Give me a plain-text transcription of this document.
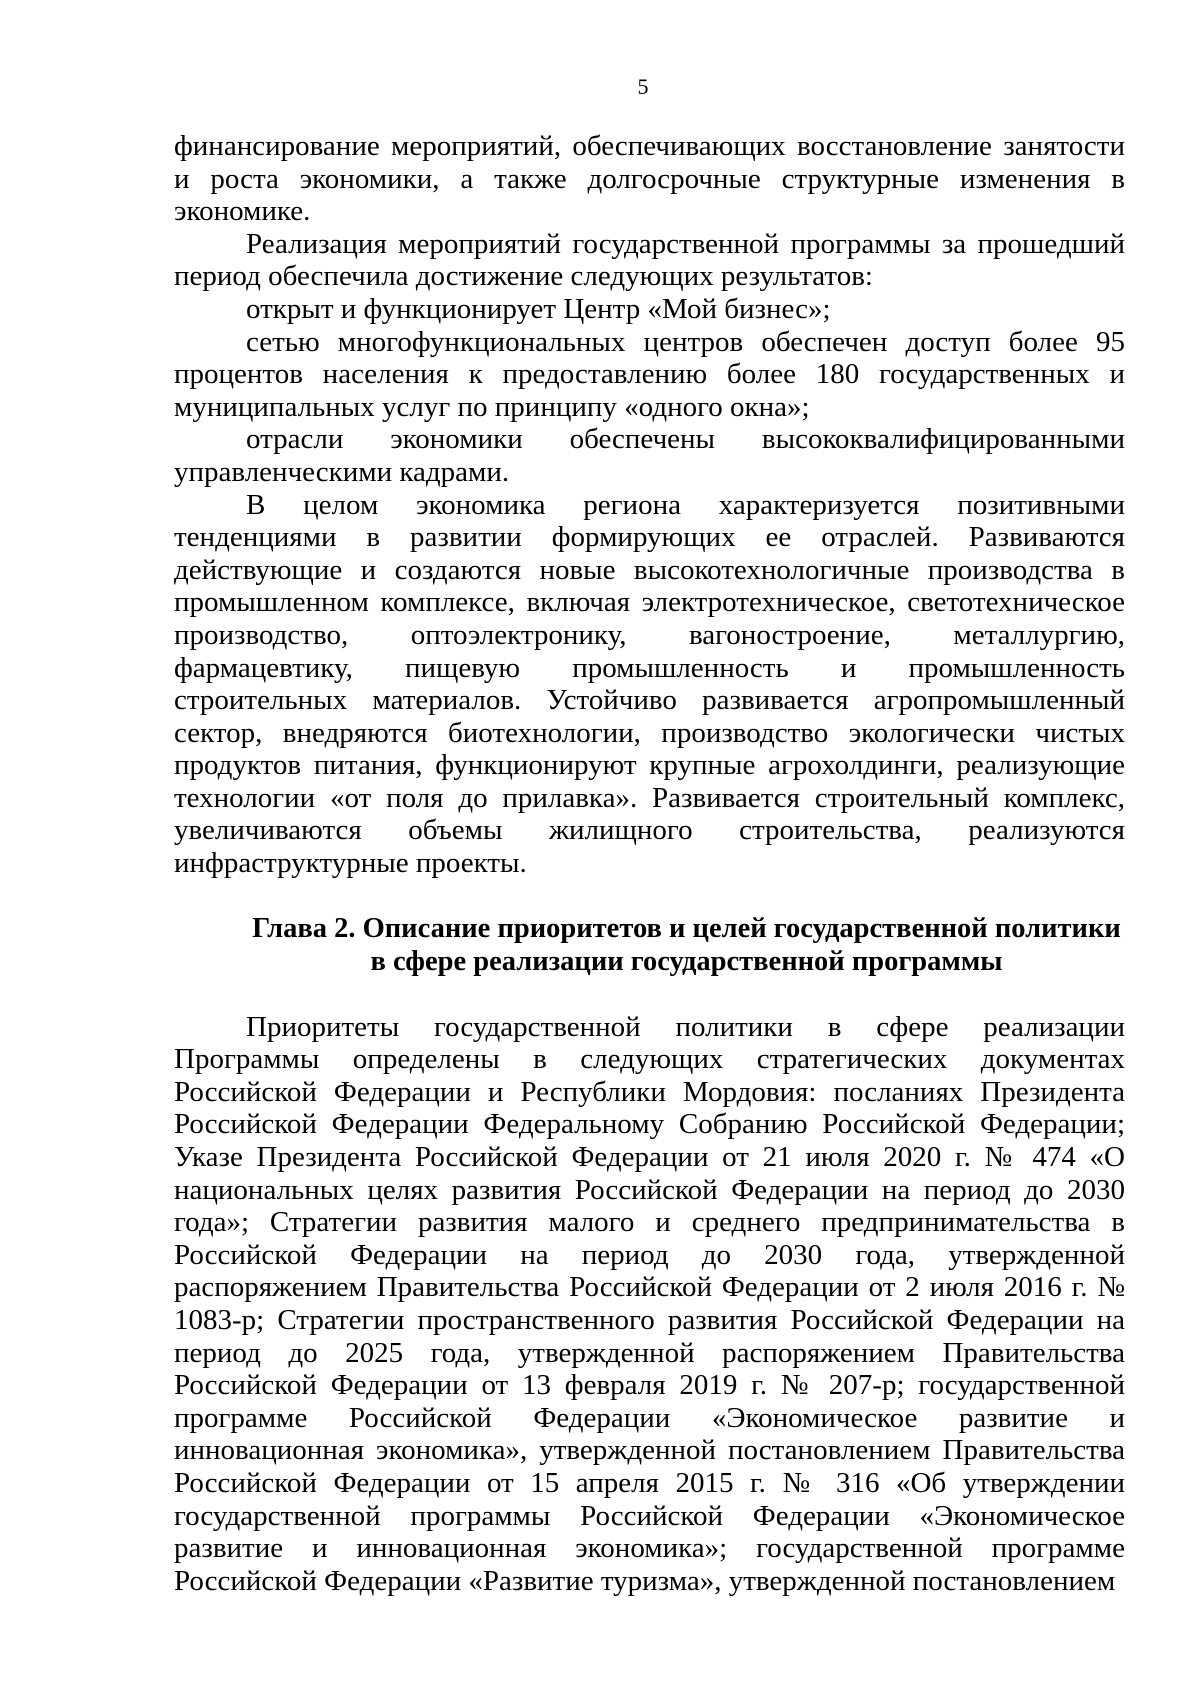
5

финансирование мероприятий, обеспечивающих восстановление занятости и роста экономики, а также долгосрочные структурные изменения в экономике.

Реализация мероприятий государственной программы за прошедший период обеспечила достижение следующих результатов:

открыт и функционирует Центр «Мой бизнес»;

сетью многофункциональных центров обеспечен доступ более 95 процентов населения к предоставлению более 180 государственных и муниципальных услуг по принципу «одного окна»;

отрасли экономики обеспечены высококвалифицированными управленческими кадрами.

В целом экономика региона характеризуется позитивными тенденциями в развитии формирующих ее отраслей. Развиваются действующие и создаются новые высокотехнологичные производства в промышленном комплексе, включая электротехническое, светотехническое производство, оптоэлектронику, вагоностроение, металлургию, фармацевтику, пищевую промышленность и промышленность строительных материалов. Устойчиво развивается агропромышленный сектор, внедряются биотехнологии, производство экологически чистых продуктов питания, функционируют крупные агрохолдинги, реализующие технологии «от поля до прилавка». Развивается строительный комплекс, увеличиваются объемы жилищного строительства, реализуются инфраструктурные проекты.

Глава 2. Описание приоритетов и целей государственной политики
в сфере реализации государственной программы

Приоритеты государственной политики в сфере реализации Программы определены в следующих стратегических документах Российской Федерации и Республики Мордовия: посланиях Президента Российской Федерации Федеральному Собранию Российской Федерации; Указе Президента Российской Федерации от 21 июля 2020 г. № 474 «О национальных целях развития Российской Федерации на период до 2030 года»; Стратегии развития малого и среднего предпринимательства в Российской Федерации на период до 2030 года, утвержденной распоряжением Правительства Российской Федерации от 2 июля 2016 г. № 1083-р; Стратегии пространственного развития Российской Федерации на период до 2025 года, утвержденной распоряжением Правительства Российской Федерации от 13 февраля 2019 г. № 207-р; государственной программе Российской Федерации «Экономическое развитие и инновационная экономика», утвержденной постановлением Правительства Российской Федерации от 15 апреля 2015 г. № 316 «Об утверждении государственной программы Российской Федерации «Экономическое развитие и инновационная экономика»; государственной программе Российской Федерации «Развитие туризма», утвержденной постановлением
